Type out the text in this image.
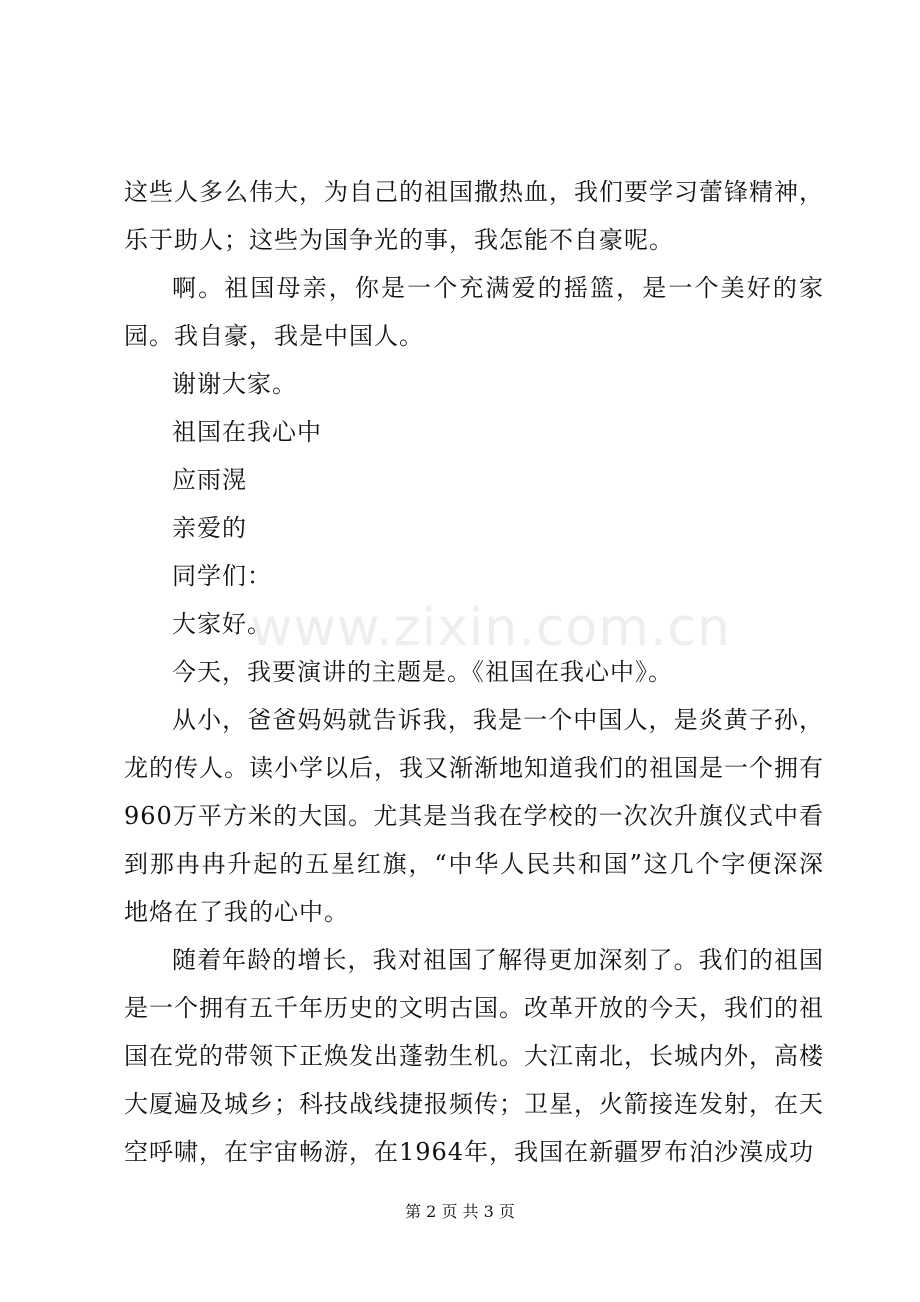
这些人多么伟大，为自己的祖国撒热血，我们要学习蕾锋精神，乐于助人；这些为国争光的事，我怎能不自豪呢。

啊。祖国母亲，你是一个充满爱的摇篮，是一个美好的家园。我自豪，我是中国人。

谢谢大家。

祖国在我心中

应雨滉

亲爱的

同学们：

大家好。

今天，我要演讲的主题是。《祖国在我心中》。

从小，爸爸妈妈就告诉我，我是一个中国人，是炎黄子孙，龙的传人。读小学以后，我又渐渐地知道我们的祖国是一个拥有960万平方米的大国。尤其是当我在学校的一次次升旗仪式中看到那冉冉升起的五星红旗，“中华人民共和国”这几个字便深深地烙在了我的心中。

随着年龄的增长，我对祖国了解得更加深刻了。我们的祖国是一个拥有五千年历史的文明古国。改革开放的今天，我们的祖国在党的带领下正焕发出蓬勃生机。大江南北，长城内外，高楼大厦遍及城乡；科技战线捷报频传；卫星，火箭接连发射，在天空呼啸，在宇宙畅游，在1964年，我国在新疆罗布泊沙漠成功

www.zixin.com.cn
第 2 页 共 3 页
